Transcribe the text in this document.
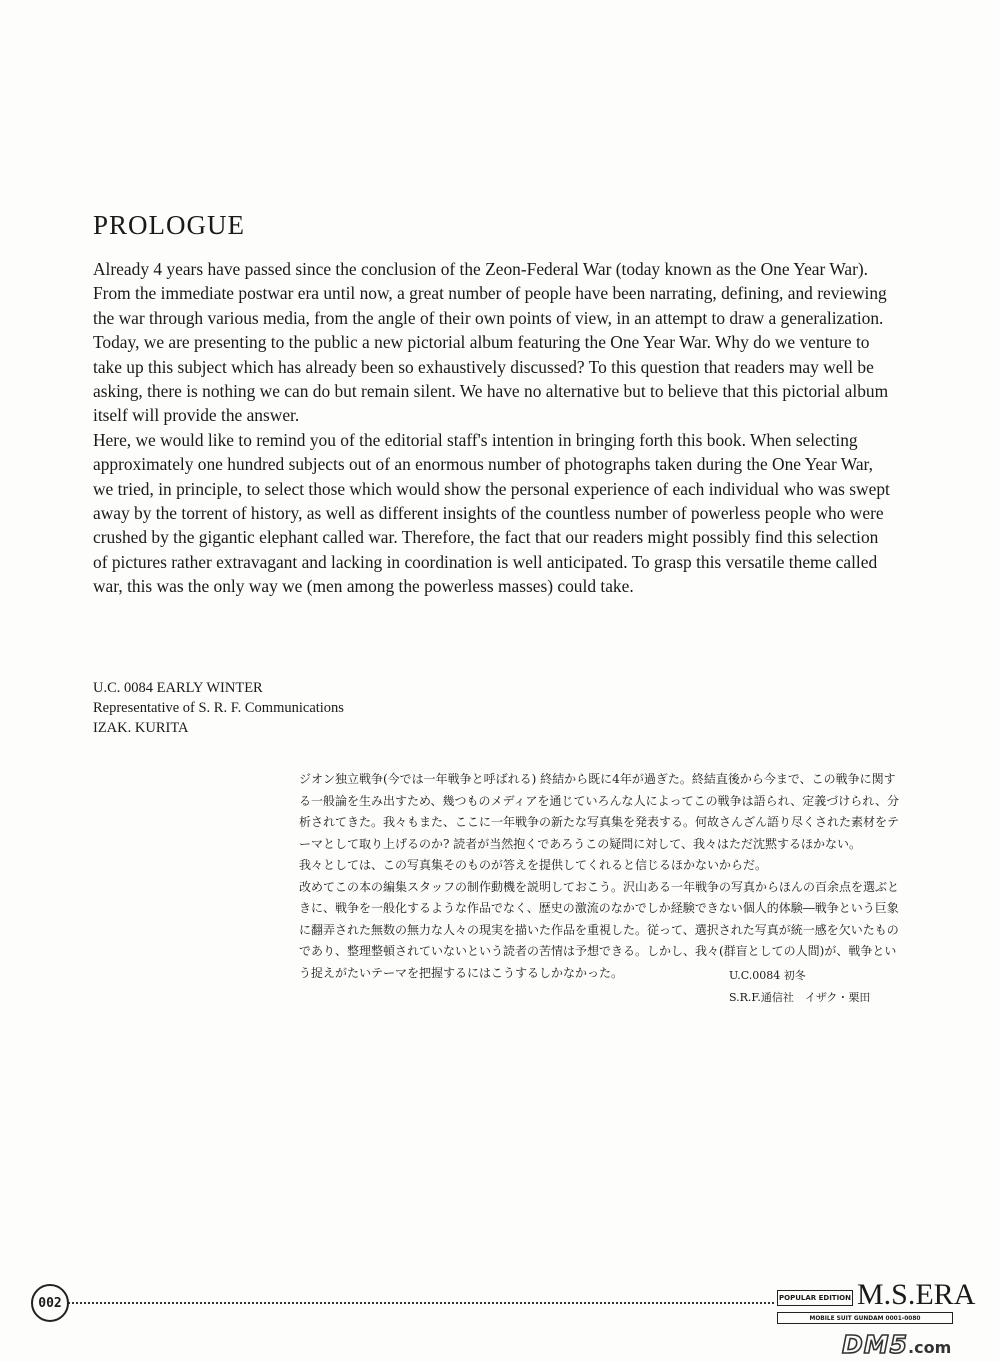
PROLOGUE

Already 4 years have passed since the conclusion of the Zeon-Federal War (today known as the One Year War). From the immediate postwar era until now, a great number of people have been narrating, defining, and reviewing the war through various media, from the angle of their own points of view, in an attempt to draw a generalization. Today, we are presenting to the public a new pictorial album featuring the One Year War. Why do we venture to take up this subject which has already been so exhaustively discussed? To this question that readers may well be asking, there is nothing we can do but remain silent. We have no alternative but to believe that this pictorial album itself will provide the answer.

Here, we would like to remind you of the editorial staff's intention in bringing forth this book. When selecting approximately one hundred subjects out of an enormous number of photographs taken during the One Year War, we tried, in principle, to select those which would show the personal experience of each individual who was swept away by the torrent of history, as well as different insights of the countless number of powerless people who were crushed by the gigantic elephant called war. Therefore, the fact that our readers might possibly find this selection of pictures rather extravagant and lacking in coordination is well anticipated. To grasp this versatile theme called war, this was the only way we (men among the powerless masses) could take.

U.C. 0084 EARLY WINTER
Representative of S. R. F. Communications
IZAK. KURITA

ジオン独立戦争(今では一年戦争と呼ばれる) 終結から既に4年が過ぎた。終結直後から今まで、この戦争に関する一般論を生み出すため、幾つものメディアを通じていろんな人によってこの戦争は語られ、定義づけられ、分析されてきた。我々もまた、ここに一年戦争の新たな写真集を発表する。何故さんざん語り尽くされた素材をテーマとして取り上げるのか? 読者が当然抱くであろうこの疑問に対して、我々はただ沈黙するほかない。

我々としては、この写真集そのものが答えを提供してくれると信じるほかないからだ。

改めてこの本の編集スタッフの制作動機を説明しておこう。沢山ある一年戦争の写真からほんの百余点を選ぶときに、戦争を一般化するような作品でなく、歴史の激流のなかでしか経験できない個人的体験―戦争という巨象に翻弄された無数の無力な人々の現実を描いた作品を重視した。従って、選択された写真が統一感を欠いたものであり、整理整頓されていないという読者の苦情は予想できる。しかし、我々(群盲としての人間)が、戦争という捉えがたいテーマを把握するにはこうするしかなかった。	U.C.0084 初冬
S.R.F.通信社　イザク・栗田
002	POPULAR EDITION M.S.ERA
MOBILE SUIT GUNDAM 0001-0080
DM5.com
